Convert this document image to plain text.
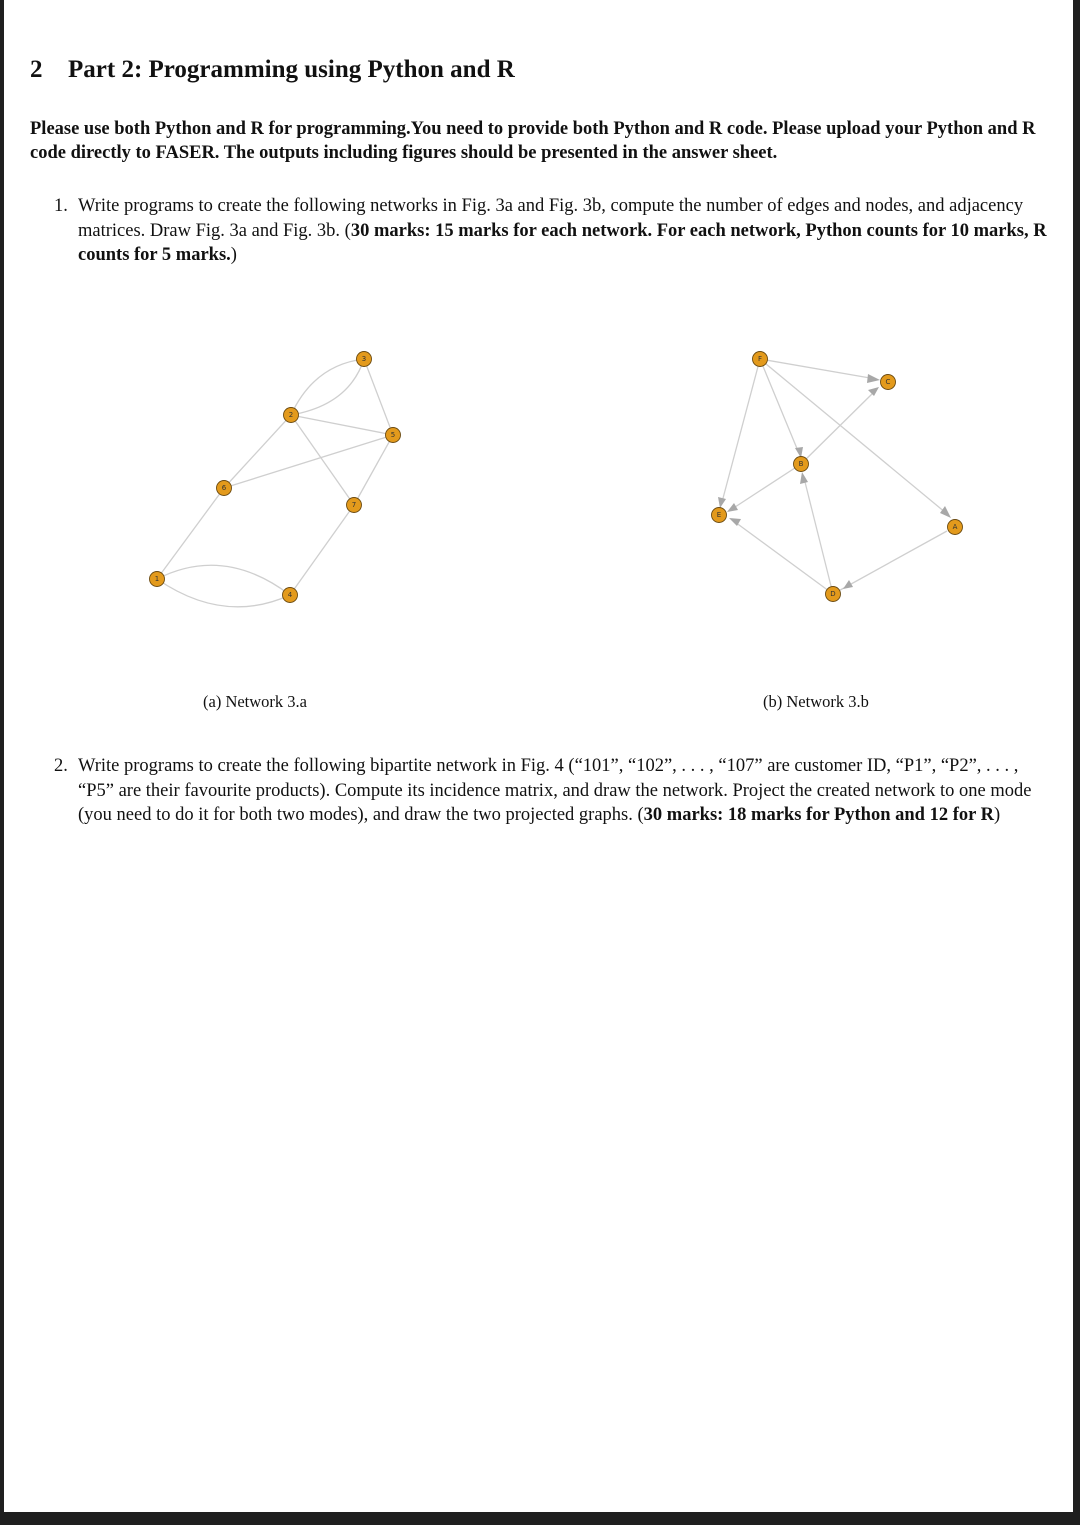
2 Part 2: Programming using Python and R
Please use both Python and R for programming.You need to provide both Python and R code. Please upload your Python and R code directly to FASER. The outputs including figures should be presented in the answer sheet.
1. Write programs to create the following networks in Fig. 3a and Fig. 3b, compute the number of edges and nodes, and adjacency matrices. Draw Fig. 3a and Fig. 3b. (30 marks: 15 marks for each network. For each network, Python counts for 10 marks, R counts for 5 marks.)
1
2
3
4
5
6
7
F
C
B
E
A
D
(a) Network 3.a	(b) Network 3.b
2. Write programs to create the following bipartite network in Fig. 4 (“101”, “102”, . . . , “107” are customer ID, “P1”, “P2”, . . . , “P5” are their favourite products). Compute its incidence matrix, and draw the network. Project the created network to one mode (you need to do it for both two modes), and draw the two projected graphs. (30 marks: 18 marks for Python and 12 for R)
